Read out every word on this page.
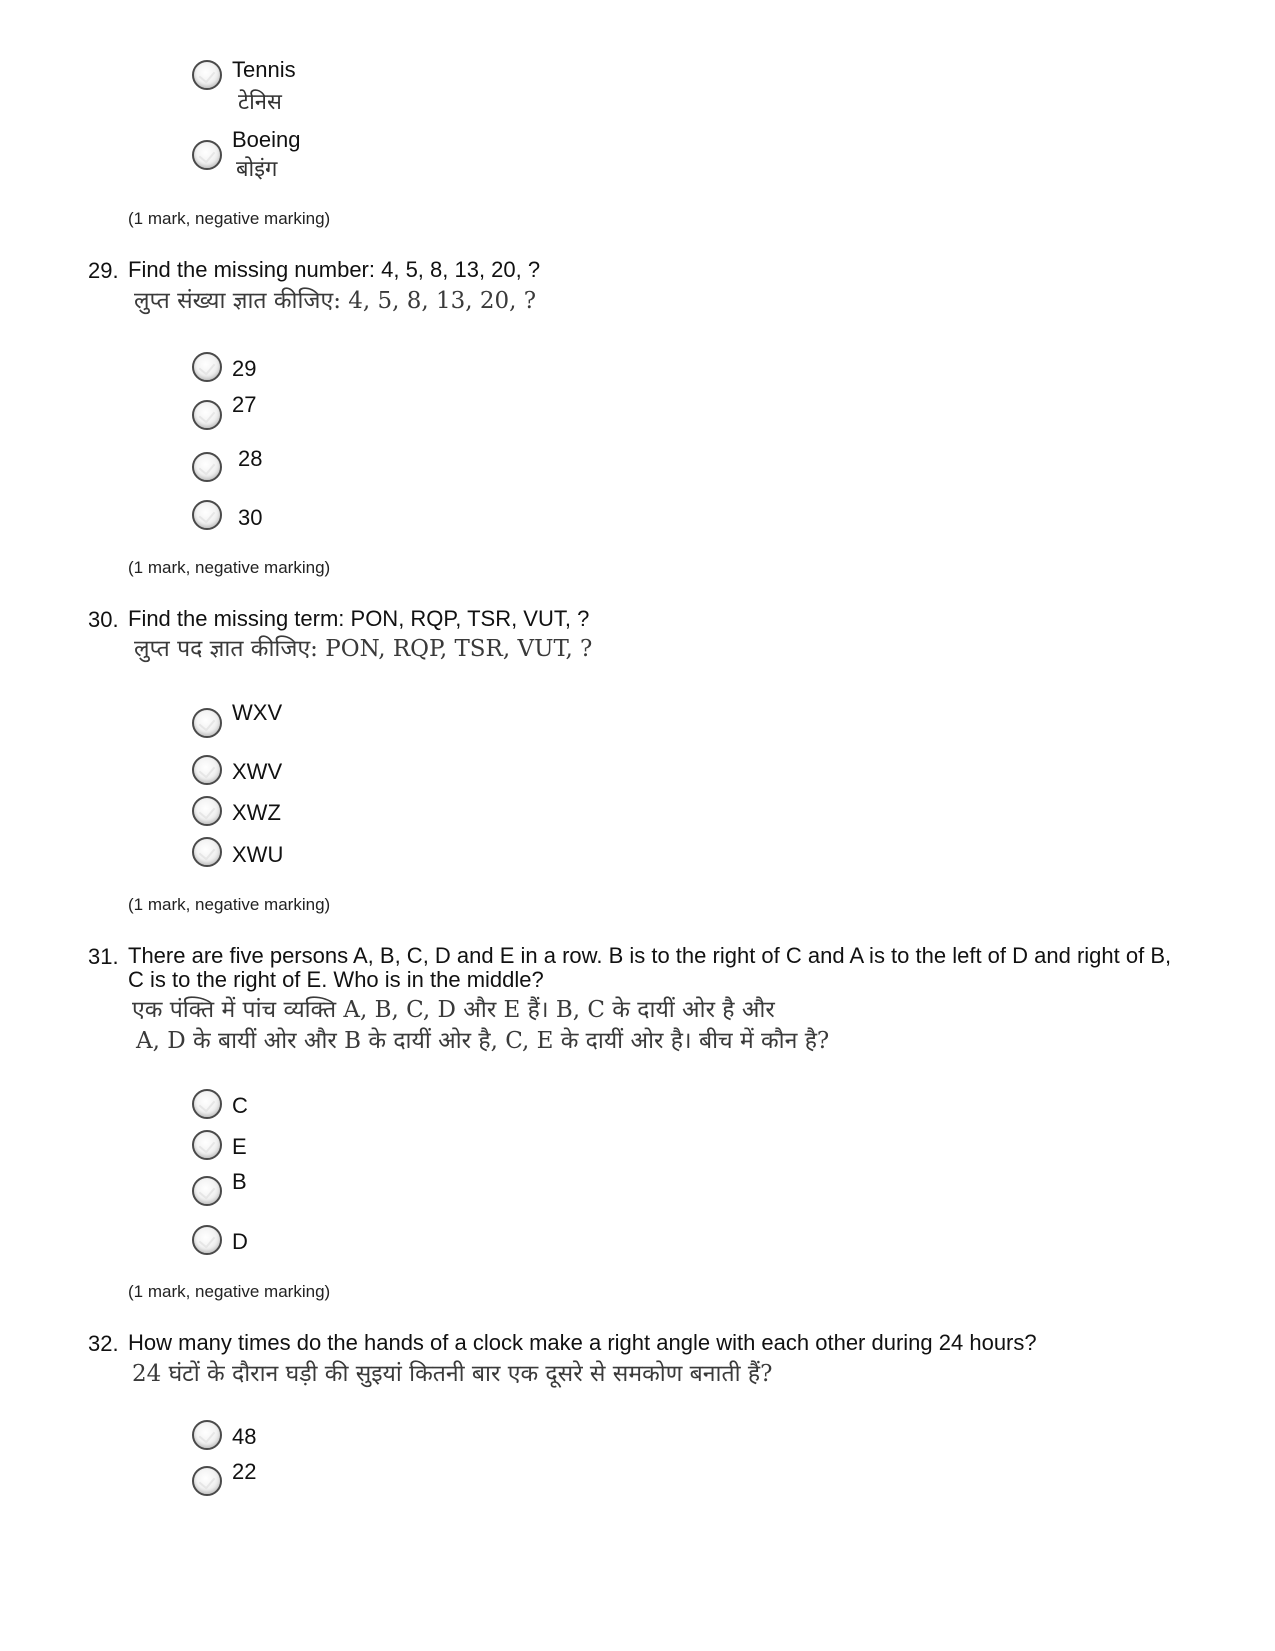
Tennis
टेनिस
Boeing
बोइंग
(1 mark, negative marking)
29. Find the missing number: 4, 5, 8, 13, 20, ?
लुप्त संख्या ज्ञात कीजिए: 4, 5, 8, 13, 20, ?
29
27
28
30
(1 mark, negative marking)
30. Find the missing term: PON, RQP, TSR, VUT, ?
लुप्त पद ज्ञात कीजिए: PON, RQP, TSR, VUT, ?
WXV
XWV
XWZ
XWU
(1 mark, negative marking)
31. There are five persons A, B, C, D and E in a row. B is to the right of C and A is to the left of D and right of B,
C is to the right of E. Who is in the middle?
एक पंक्ति में पांच व्यक्ति A, B, C, D और E हैं। B, C के दायीं ओर है और
A, D के बायीं ओर और B के दायीं ओर है, C, E के दायीं ओर है। बीच में कौन है?
C
E
B
D
(1 mark, negative marking)
32. How many times do the hands of a clock make a right angle with each other during 24 hours?
24 घंटों के दौरान घड़ी की सुइयां कितनी बार एक दूसरे से समकोण बनाती हैं?
48
22
